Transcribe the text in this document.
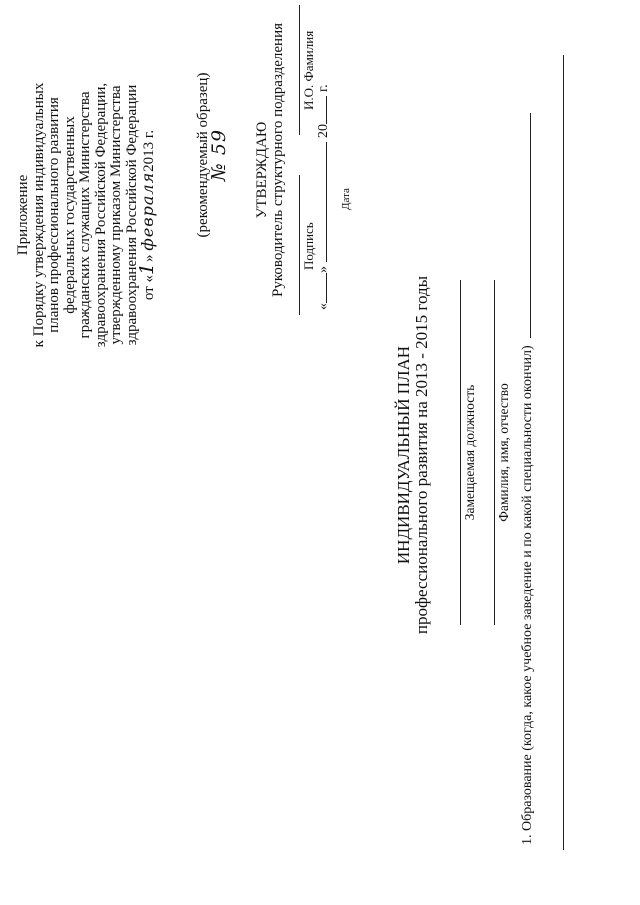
Приложение к Порядку утверждения индивидуальных планов профессионального развития федеральных государственных гражданских служащих Министерства здравоохранения Российской Федерации, утвержденному приказом Министерства здравоохранения Российской Федерации от «1» февраля2013 г.	(рекомендуемый образец)
№ 59 УТВЕРЖДАЮ Руководитель структурного подразделения Подпись
И.О. Фамилия
«»20г.
Дата
ИНДИВИДУАЛЬНЫЙ ПЛАН профессионального развития на 2013 - 2015 годы Замещаемая должность Фамилия, имя, отчество 1. Образование (когда, какое учебное заведение и по какой специальности окончил)
